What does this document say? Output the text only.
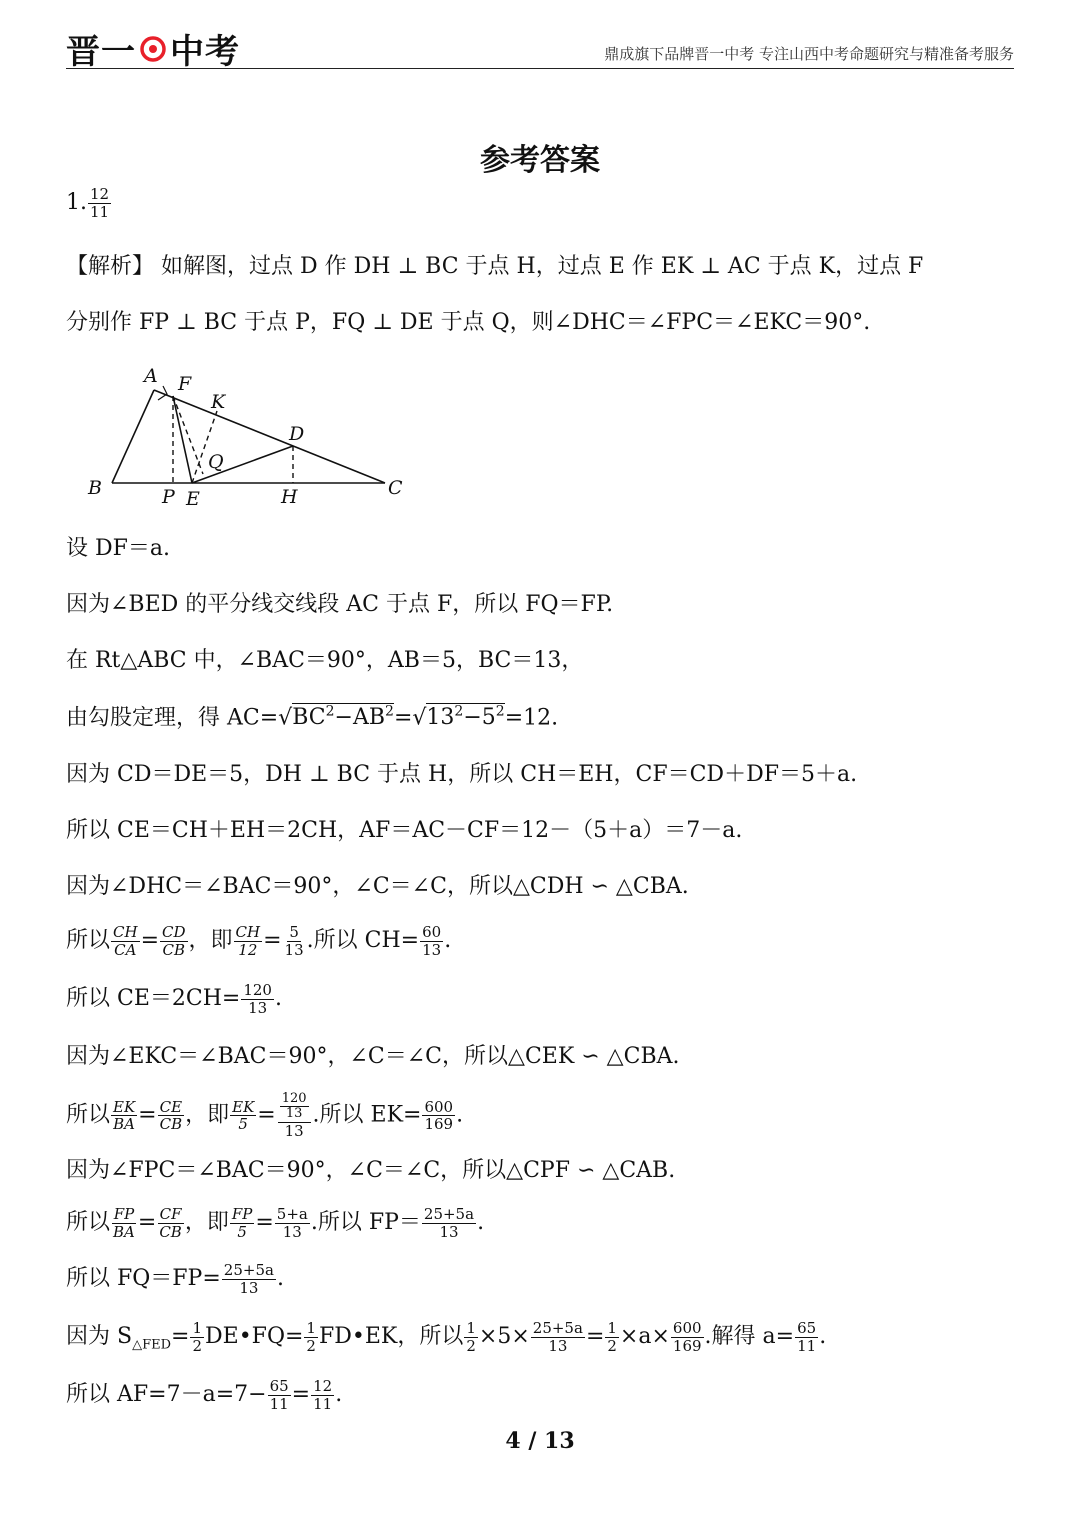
晋一 中考	鼎成旗下品牌晋一中考 专注山西中考命题研究与精准备考服务
参考答案
1. $\frac{12}{11}$
【解析】 如解图，过点 D 作 DH ⊥ BC 于点 H，过点 E 作 EK ⊥ AC 于点 K，过点 F
分别作 FP ⊥ BC 于点 P，FQ ⊥ DE 于点 Q，则∠DHC＝∠FPC＝∠EKC＝90°.
A F
K
D
Q
B	P E	H	C
设 DF＝a.
因为∠BED 的平分线交线段 AC 于点 F，所以 FQ＝FP.
在 Rt△ABC 中，∠BAC＝90°，AB＝5，BC＝13，
由勾股定理，得 $AC=√BC^2-AB^2=√13^2-5^2=12$.
因为 CD＝DE＝5，DH ⊥ BC 于点 H，所以 CH＝EH，CF＝CD＋DF＝5＋a.
所以 CE＝CH＋EH＝2CH，AF＝AC－CF＝12－（5＋a）＝7－a.
因为∠DHC＝∠BAC＝90°，∠C＝∠C，所以△CDH ∽ △CBA.
所以 $\frac{CH}{CA} = \frac{CD}{CB}$ ，即 $\frac{CH}{12} = \frac{5}{13}$ .所以 $CH= \frac{60}{13}$ .
所以 $CE=2CH= \frac{120}{13}$ .
因为∠EKC＝∠BAC＝90°，∠C＝∠C，所以△CEK ∽ △CBA.
所以 $\frac{EK}{BA} = \frac{CE}{CB}$ ，即 $\frac{EK}{5} = \frac{\frac{120}{13}}{13}$ .所以 $EK= \frac{600}{169}$ .
因为∠FPC＝∠BAC＝90°，∠C＝∠C，所以△CPF ∽ △CAB.
所以 $\frac{FP}{BA} = \frac{CF}{CB}$ ，即 $\frac{FP}{5} = \frac{5+a}{13}$ .所以 $FP= \frac{25+5a}{13}$ .
所以 $FQ=FP= \frac{25+5a}{13}$ .
因为 $S_{\triangle FED}= \frac{1}{2}$ DE•FQ= $\frac{1}{2}$ FD•EK，所以 $\frac{1}{2} \times 5\times \frac{25+5a}{13} = \frac{1}{2} \times a\times \frac{600}{169}$ .解得 $a= \frac{65}{11}$ .
所以 $AF=7-a=7- \frac{65}{11} = \frac{12}{11}$ .
4 / 13
